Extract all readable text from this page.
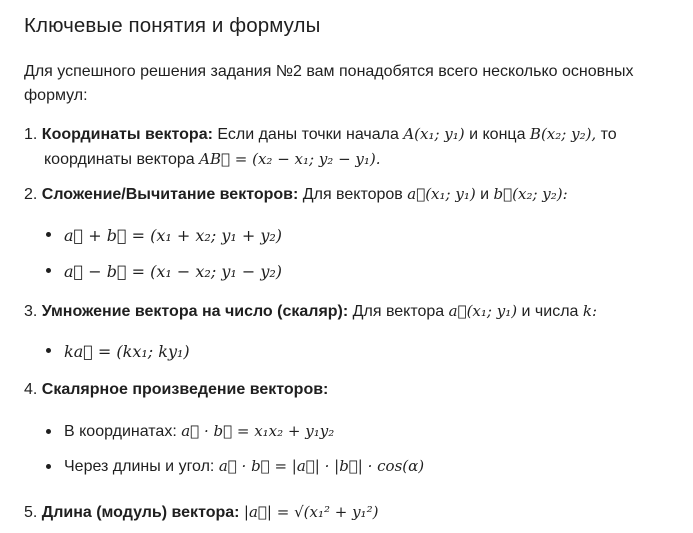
Ключевые понятия и формулы
Для успешного решения задания №2 вам понадобятся всего несколько основных
формул:
1. Координаты вектора: Если даны точки начала A(x₁; y₁) и конца B(x₂; y₂), то
координаты вектора AB⃗ = (x₂ − x₁; y₂ − y₁).
2. Сложение/Вычитание векторов: Для векторов a⃗(x₁; y₁) и b⃗(x₂; y₂):
a⃗ + b⃗ = (x₁ + x₂; y₁ + y₂)
a⃗ − b⃗ = (x₁ − x₂; y₁ − y₂)
3. Умножение вектора на число (скаляр): Для вектора a⃗(x₁; y₁) и числа k:
ka⃗ = (kx₁; ky₁)
4. Скалярное произведение векторов:
В координатах: a⃗ · b⃗ = x₁x₂ + y₁y₂
Через длины и угол: a⃗ · b⃗ = |a⃗| · |b⃗| · cos(α)
5. Длина (модуль) вектора: |a⃗| = √(x₁² + y₁²)
